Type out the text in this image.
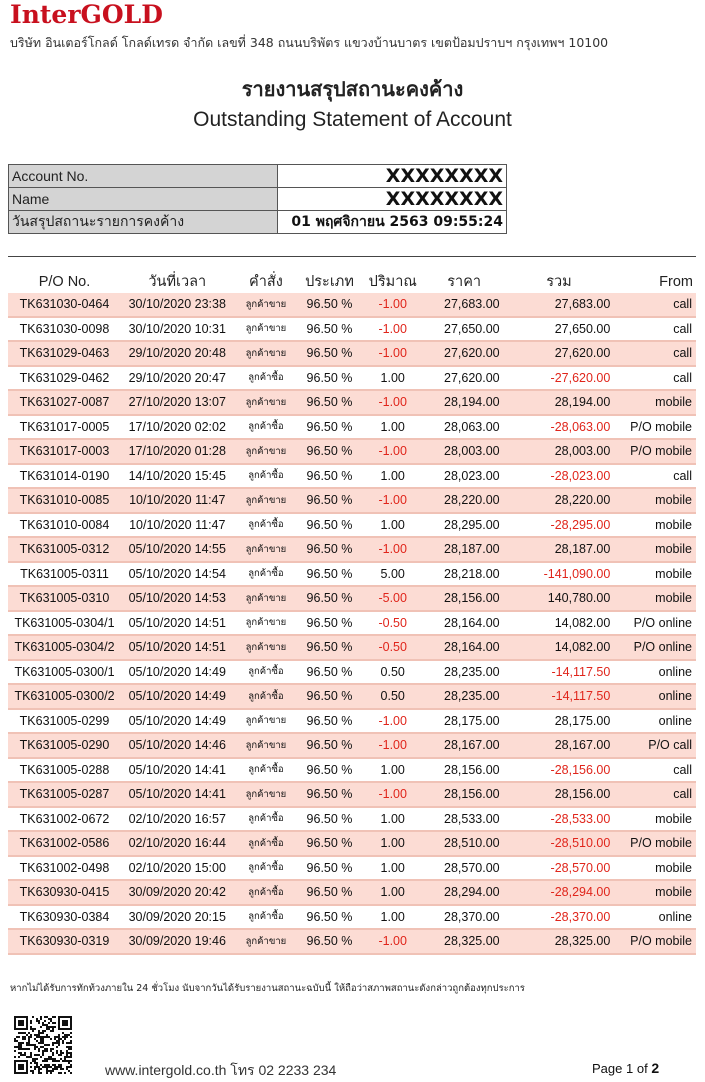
InterGOLD
บริษัท อินเตอร์โกลด์ โกลด์เทรด จำกัด เลขที่ 348 ถนนบริพัตร แขวงบ้านบาตร เขตป้อมปราบฯ กรุงเทพฯ 10100
รายงานสรุปสถานะคงค้าง
Outstanding Statement of Account
Account No.	XXXXXXXX
Name	XXXXXXXX
วันสรุปสถานะรายการคงค้าง	01 พฤศจิกายน 2563 09:55:24
P/O No.	วันที่เวลา	คำสั่ง	ประเภท	ปริมาณ	ราคา	รวม	From
TK631030-0464	30/10/2020 23:38	ลูกค้าขาย	96.50 %	-1.00	27,683.00	27,683.00	call
TK631030-0098	30/10/2020 10:31	ลูกค้าขาย	96.50 %	-1.00	27,650.00	27,650.00	call
TK631029-0463	29/10/2020 20:48	ลูกค้าขาย	96.50 %	-1.00	27,620.00	27,620.00	call
TK631029-0462	29/10/2020 20:47	ลูกค้าซื้อ	96.50 %	1.00	27,620.00	-27,620.00	call
TK631027-0087	27/10/2020 13:07	ลูกค้าขาย	96.50 %	-1.00	28,194.00	28,194.00	mobile
TK631017-0005	17/10/2020 02:02	ลูกค้าซื้อ	96.50 %	1.00	28,063.00	-28,063.00	P/O mobile
TK631017-0003	17/10/2020 01:28	ลูกค้าขาย	96.50 %	-1.00	28,003.00	28,003.00	P/O mobile
TK631014-0190	14/10/2020 15:45	ลูกค้าซื้อ	96.50 %	1.00	28,023.00	-28,023.00	call
TK631010-0085	10/10/2020 11:47	ลูกค้าขาย	96.50 %	-1.00	28,220.00	28,220.00	mobile
TK631010-0084	10/10/2020 11:47	ลูกค้าซื้อ	96.50 %	1.00	28,295.00	-28,295.00	mobile
TK631005-0312	05/10/2020 14:55	ลูกค้าขาย	96.50 %	-1.00	28,187.00	28,187.00	mobile
TK631005-0311	05/10/2020 14:54	ลูกค้าซื้อ	96.50 %	5.00	28,218.00	-141,090.00	mobile
TK631005-0310	05/10/2020 14:53	ลูกค้าขาย	96.50 %	-5.00	28,156.00	140,780.00	mobile
TK631005-0304/1	05/10/2020 14:51	ลูกค้าขาย	96.50 %	-0.50	28,164.00	14,082.00	P/O online
TK631005-0304/2	05/10/2020 14:51	ลูกค้าขาย	96.50 %	-0.50	28,164.00	14,082.00	P/O online
TK631005-0300/1	05/10/2020 14:49	ลูกค้าซื้อ	96.50 %	0.50	28,235.00	-14,117.50	online
TK631005-0300/2	05/10/2020 14:49	ลูกค้าซื้อ	96.50 %	0.50	28,235.00	-14,117.50	online
TK631005-0299	05/10/2020 14:49	ลูกค้าขาย	96.50 %	-1.00	28,175.00	28,175.00	online
TK631005-0290	05/10/2020 14:46	ลูกค้าขาย	96.50 %	-1.00	28,167.00	28,167.00	P/O call
TK631005-0288	05/10/2020 14:41	ลูกค้าซื้อ	96.50 %	1.00	28,156.00	-28,156.00	call
TK631005-0287	05/10/2020 14:41	ลูกค้าขาย	96.50 %	-1.00	28,156.00	28,156.00	call
TK631002-0672	02/10/2020 16:57	ลูกค้าซื้อ	96.50 %	1.00	28,533.00	-28,533.00	mobile
TK631002-0586	02/10/2020 16:44	ลูกค้าซื้อ	96.50 %	1.00	28,510.00	-28,510.00	P/O mobile
TK631002-0498	02/10/2020 15:00	ลูกค้าซื้อ	96.50 %	1.00	28,570.00	-28,570.00	mobile
TK630930-0415	30/09/2020 20:42	ลูกค้าซื้อ	96.50 %	1.00	28,294.00	-28,294.00	mobile
TK630930-0384	30/09/2020 20:15	ลูกค้าซื้อ	96.50 %	1.00	28,370.00	-28,370.00	online
TK630930-0319	30/09/2020 19:46	ลูกค้าขาย	96.50 %	-1.00	28,325.00	28,325.00	P/O mobile
หากไม่ได้รับการทักท้วงภายใน 24 ชั่วโมง นับจากวันได้รับรายงานสถานะฉบับนี้ ให้ถือว่าสภาพสถานะดังกล่าวถูกต้องทุกประการ
www.intergold.co.th โทร 02 2233 234	Page 1 of 2
